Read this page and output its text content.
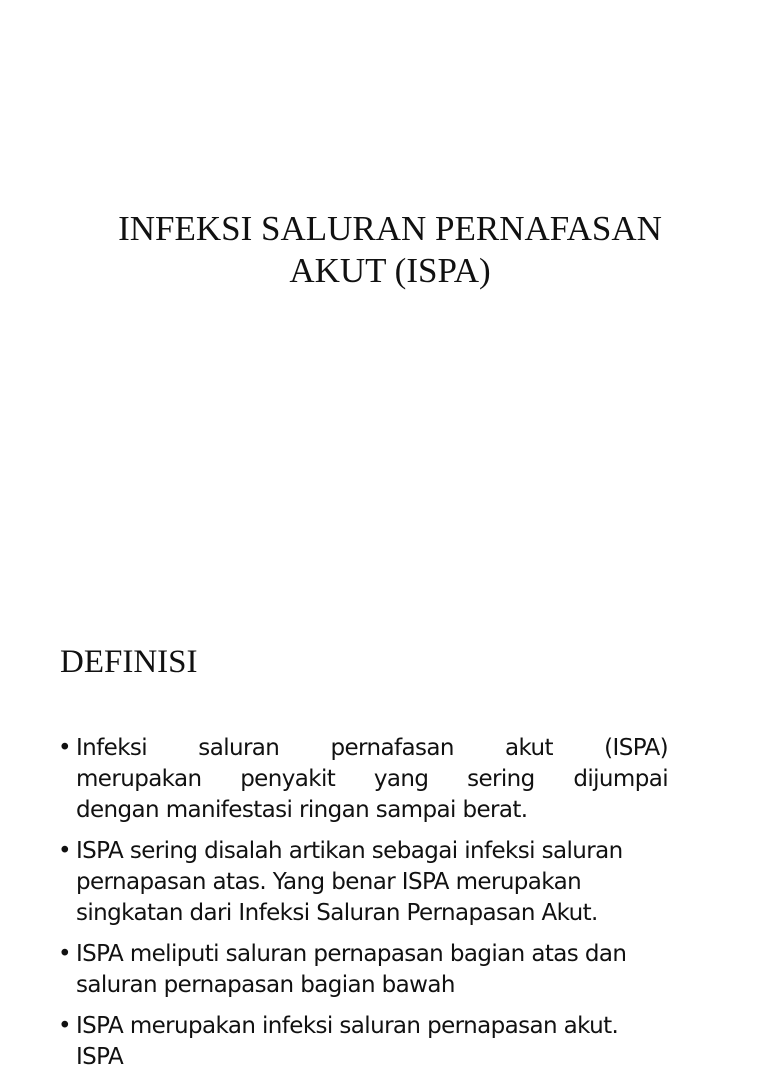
INFEKSI SALURAN PERNAFASAN
AKUT (ISPA)
DEFINISI
• Infeksi saluran pernafasan akut (ISPA)
merupakan penyakit yang sering dijumpai
dengan manifestasi ringan sampai berat.
• ISPA sering disalah artikan sebagai infeksi saluran
pernapasan atas. Yang benar ISPA merupakan
singkatan dari Infeksi Saluran Pernapasan Akut.
• ISPA meliputi saluran pernapasan bagian atas dan
saluran pernapasan bagian bawah
• ISPA merupakan infeksi saluran pernapasan akut. ISPA
